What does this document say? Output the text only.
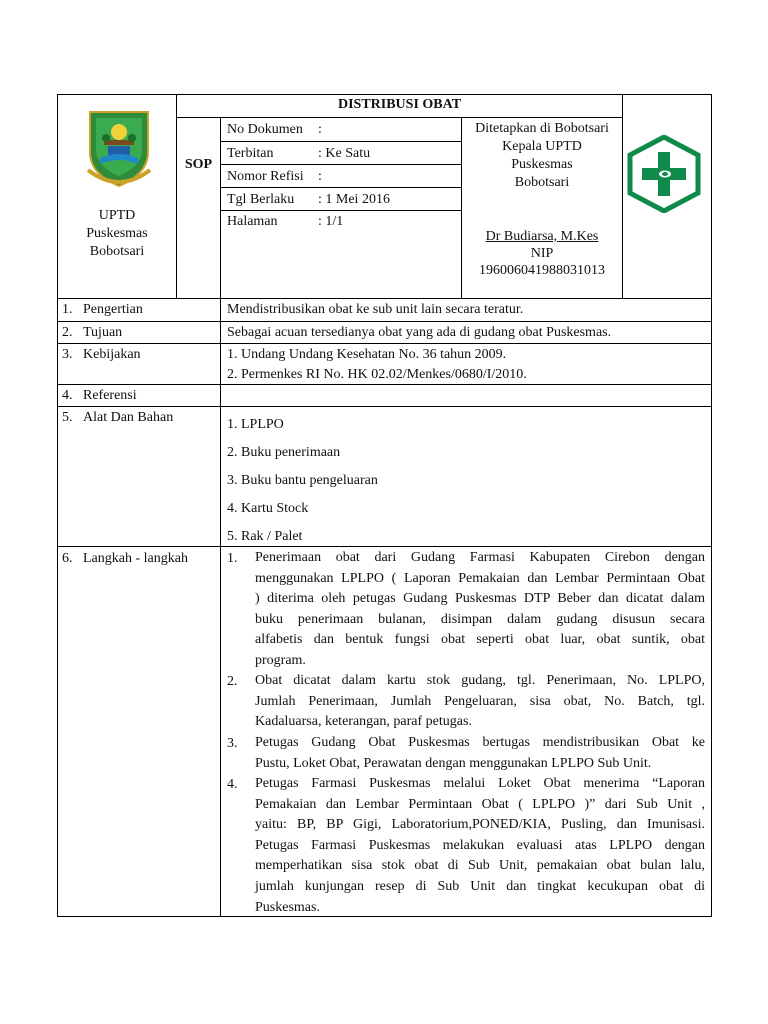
UPTD
Puskesmas
Bobotsari
DISTRIBUSI OBAT
SOP
No Dokumen :
Terbitan	: Ke Satu
Nomor Refisi :
Tgl Berlaku : 1 Mei 2016
Halaman	: 1/1
Ditetapkan di Bobotsari
Kepala UPTD
Puskesmas
Bobotsari
Dr Budiarsa, M.Kes
NIP
196006041988031013
1. Pengertian
2. Tujuan
3. Kebijakan
4. Referensi
5. Alat Dan Bahan
6. Langkah - langkah
Mendistribusikan obat ke sub unit lain secara teratur.
Sebagai acuan tersedianya obat yang ada di gudang obat Puskesmas.
1. Undang Undang Kesehatan No. 36 tahun 2009.
2. Permenkes RI No. HK 02.02/Menkes/0680/I/2010.
1. LPLPO
2. Buku penerimaan
3. Buku bantu pengeluaran
4. Kartu Stock
5. Rak / Palet
1. Penerimaan obat dari Gudang Farmasi Kabupaten Cirebon dengan
menggunakan LPLPO ( Laporan Pemakaian dan Lembar Permintaan Obat
) diterima oleh petugas Gudang Puskesmas DTP Beber dan dicatat dalam
buku penerimaan bulanan, disimpan dalam gudang disusun secara
alfabetis dan bentuk fungsi obat seperti obat luar, obat suntik, obat
program.
2. Obat dicatat dalam kartu stok gudang, tgl. Penerimaan, No. LPLPO,
Jumlah Penerimaan, Jumlah Pengeluaran, sisa obat, No. Batch, tgl.
Kadaluarsa, keterangan, paraf petugas.
3. Petugas Gudang Obat Puskesmas bertugas mendistribusikan Obat ke
Pustu, Loket Obat, Perawatan dengan menggunakan LPLPO Sub Unit.
4. Petugas Farmasi Puskesmas melalui Loket Obat menerima “Laporan
Pemakaian dan Lembar Permintaan Obat ( LPLPO )” dari Sub Unit ,
yaitu: BP, BP Gigi, Laboratorium,PONED/KIA, Pusling, dan Imunisasi.
Petugas Farmasi Puskesmas melakukan evaluasi atas LPLPO dengan
memperhatikan sisa stok obat di Sub Unit, pemakaian obat bulan lalu,
jumlah kunjungan resep di Sub Unit dan tingkat kecukupan obat di
Puskesmas.
